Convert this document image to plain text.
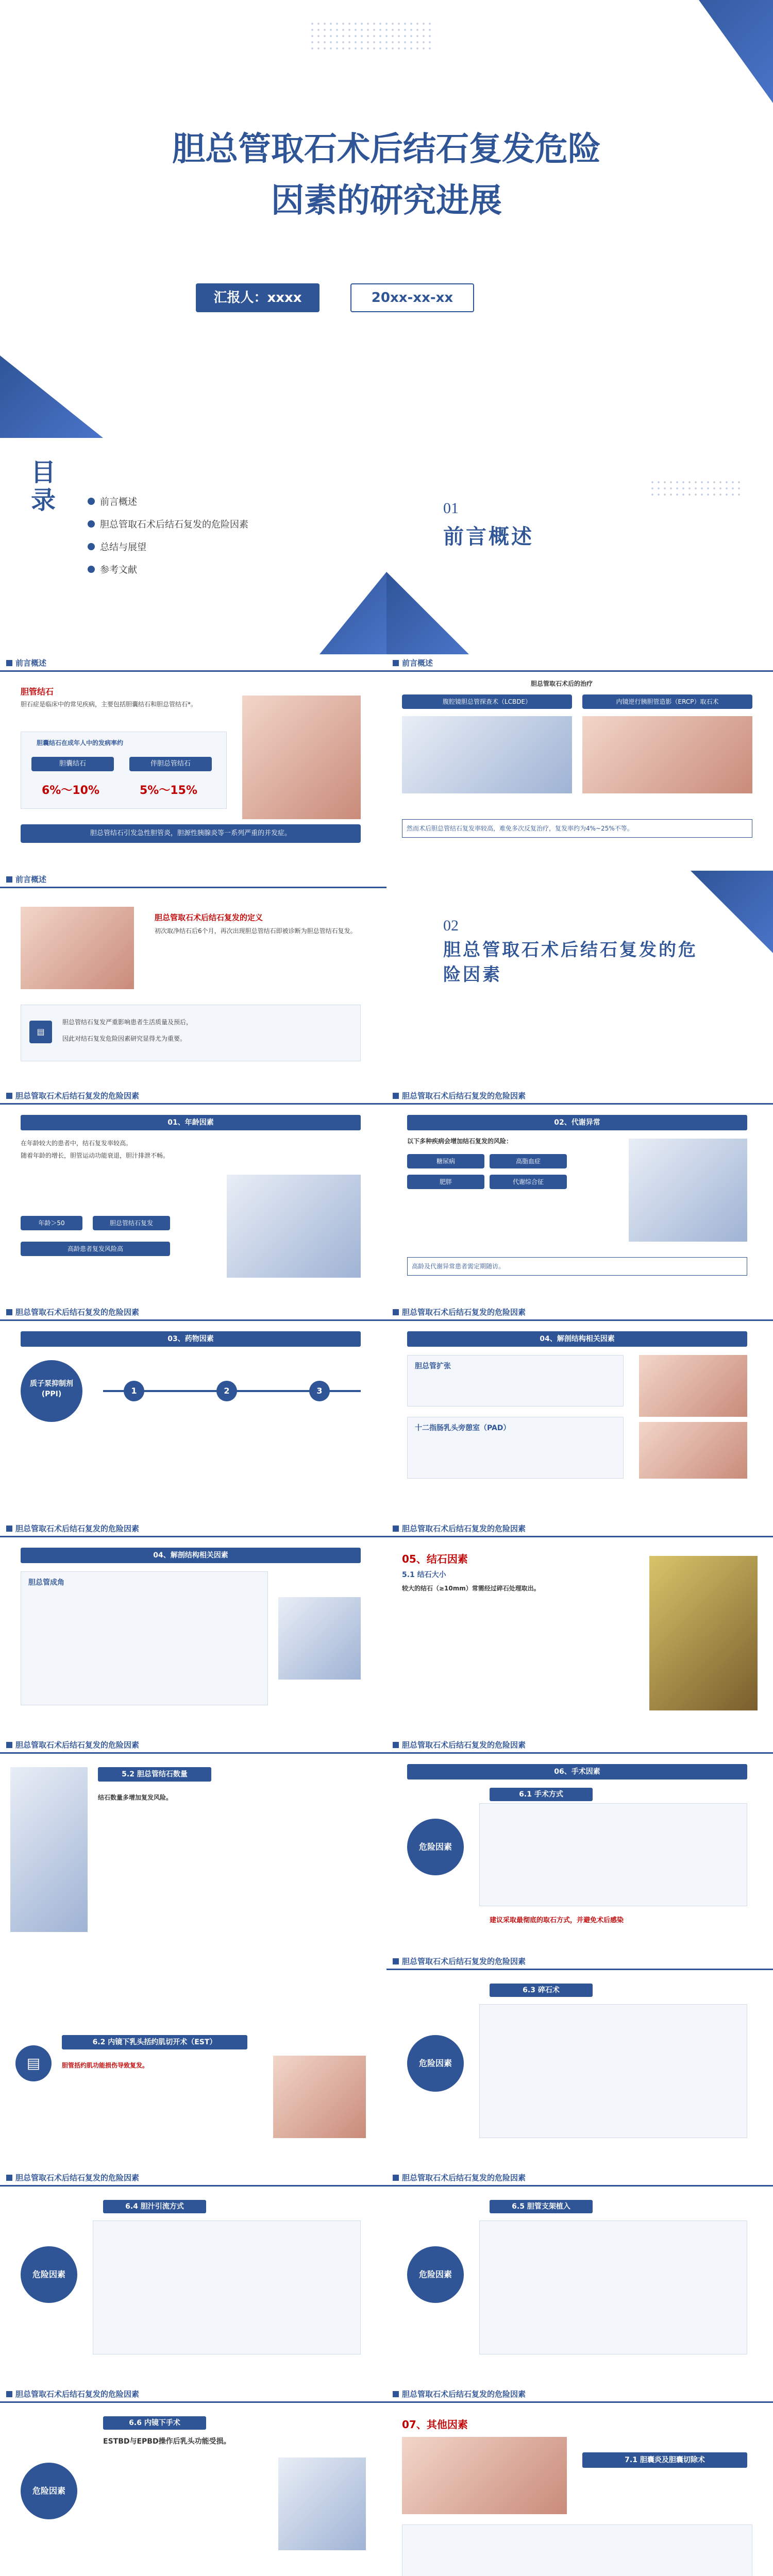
胆总管取石术后结石复发危险
因素的研究进展
汇报人：xxxx	20xx-xx-xx
目录	前言概述
胆总管取石术后结石复发的危险因素
总结与展望
参考文献
01
前言概述
前言概述
胆管结石
胆石症是临床中的常见疾病，主要包括胆囊结石和胆总管结石*。
胆囊结石在成年人中的发病率约
胆囊结石	伴胆总管结石
6%～10%	5%～15%
胆总管结石引发急性胆管炎，胆源性胰腺炎等一系列严重的并发症。
前言概述
胆总管取石术后的治疗
腹腔镜胆总管探查术（LCBDE）	内镜逆行胰胆管造影（ERCP）取石术
然而术后胆总管结石复发率较高，难免多次反复治疗，复发率约为4%~25%不等。
前言概述
胆总管取石术后结石复发的定义
初次取净结石后6个月，再次出现胆总管结石即被诊断为胆总管结石复发。
胆总管结石复发严重影响患者生活质量及预后，
因此对结石复发危险因素研究显得尤为重要。
▤
02
胆总管取石术后结石复发的危险因素
胆总管取石术后结石复发的危险因素
01、年龄因素
在年龄较大的患者中，结石复发率较高。
随着年龄的增长，胆管运动功能衰退，胆汁排泄不畅。
年龄＞50	胆总管结石复发
高龄患者复发风险高
胆总管取石术后结石复发的危险因素
02、代谢异常
以下多种疾病会增加结石复发的风险：
糖尿病	高脂血症
肥胖	代谢综合征
高龄及代谢异常患者需定期随访。
胆总管取石术后结石复发的危险因素
03、药物因素
质子泵抑制剂(PPI)	1	2	3
胆总管取石术后结石复发的危险因素
04、解剖结构相关因素
胆总管扩张
十二指肠乳头旁憩室（PAD）
胆总管取石术后结石复发的危险因素
04、解剖结构相关因素
胆总管成角
胆总管取石术后结石复发的危险因素
05、结石因素
5.1 结石大小
较大的结石（≥10mm）常需经过碎石处理取出。
胆总管取石术后结石复发的危险因素
5.2 胆总管结石数量
结石数量多增加复发风险。
胆总管取石术后结石复发的危险因素
06、手术因素
危险因素
6.1 手术方式
建议采取最彻底的取石方式，并避免术后感染
6.2 内镜下乳头括约肌切开术（EST）
▤	胆管括约肌功能损伤导致复发。
胆总管取石术后结石复发的危险因素
危险因素
6.3 碎石术
胆总管取石术后结石复发的危险因素
危险因素
6.4 胆汁引流方式
胆总管取石术后结石复发的危险因素
危险因素
6.5 胆管支架植入
胆总管取石术后结石复发的危险因素
危险因素
6.6 内镜下手术
ESTBD与EPBD操作后乳头功能受损。
胆总管取石术后结石复发的危险因素
07、其他因素
7.1 胆囊炎及胆囊切除术
